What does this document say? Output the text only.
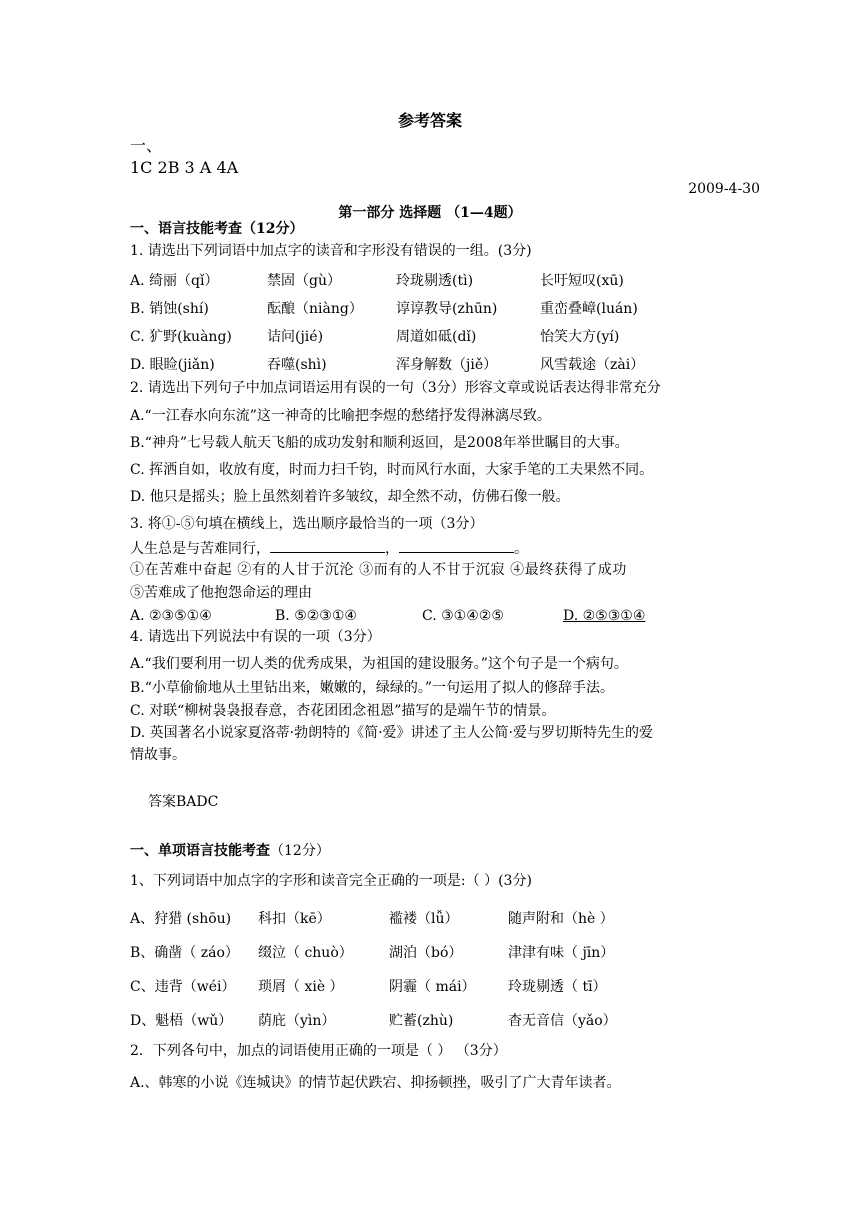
参考答案
一、
1C 2B 3 A 4A
2009-4-30
第一部分 选择题 （1—4题）
一、语言技能考查（12分）
1. 请选出下列词语中加点字的读音和字形没有错误的一组。(3分)
A. 绮丽（qǐ）	禁固（gù）	玲珑剔透(tì)	长吁短叹(xū)
B. 销蚀(shí)	酝酿（niàng） 谆谆教导(zhūn)	重峦叠嶂(luán)
C. 犷野(kuàng)	诘问(jié)	周道如砥(dǐ)	怡笑大方(yí)
D. 眼睑(jiǎn)	吞噬(shì)	浑身解数（jiě）	风雪载途（zài）
2. 请选出下列句子中加点词语运用有误的一句（3分）形容文章或说话表达得非常充分
A.“一江春水向东流”这一神奇的比喻把李煜的愁绪抒发得淋漓尽致。
B.“神舟”七号载人航天飞船的成功发射和顺利返回，是2008年举世瞩目的大事。
C. 挥洒自如，收放有度，时而力扫千钧，时而风行水面，大家手笔的工夫果然不同。
D. 他只是摇头；脸上虽然刻着许多皱纹，却全然不动，仿佛石像一般。
3. 将①-⑤句填在横线上，选出顺序最恰当的一项（3分）
人生总是与苦难同行，	，	。
①在苦难中奋起 ②有的人甘于沉沦 ③而有的人不甘于沉寂 ④最终获得了成功
⑤苦难成了他抱怨命运的理由
A. ②③⑤①④	B. ⑤②③①④	C. ③①④②⑤	D. ②⑤③①④
4. 请选出下列说法中有误的一项（3分）
A.“我们要利用一切人类的优秀成果，为祖国的建设服务。”这个句子是一个病句。
B.“小草偷偷地从土里钻出来，嫩嫩的，绿绿的。”一句运用了拟人的修辞手法。
C. 对联“柳树袅袅报春意，杏花团团念祖恩”描写的是端午节的情景。
D. 英国著名小说家夏洛蒂·勃朗特的《简·爱》讲述了主人公简·爱与罗切斯特先生的爱
情故事。
答案BADC
一、单项语言技能考查（12分）
1、下列词语中加点字的字形和读音完全正确的一项是:（ ）(3分)
A、狩猎 (shōu) 科扣（kē）	褴褛（lǚ）	随声附和（hè ）
B、确凿（ záo） 缀泣（ chuò）	湖泊（bó）	津津有味（ jīn）
C、违背（wéi） 琐屑（ xiè ）	阴霾（ mái） 玲珑剔透（ tī）
D、魁梧（wǔ） 荫庇（yìn）	贮蓄(zhù)	杳无音信（yǎo）
2．下列各句中，加点的词语使用正确的一项是（ ） （3分）
A.、韩寒的小说《连城诀》的情节起伏跌宕、抑扬顿挫，吸引了广大青年读者。
